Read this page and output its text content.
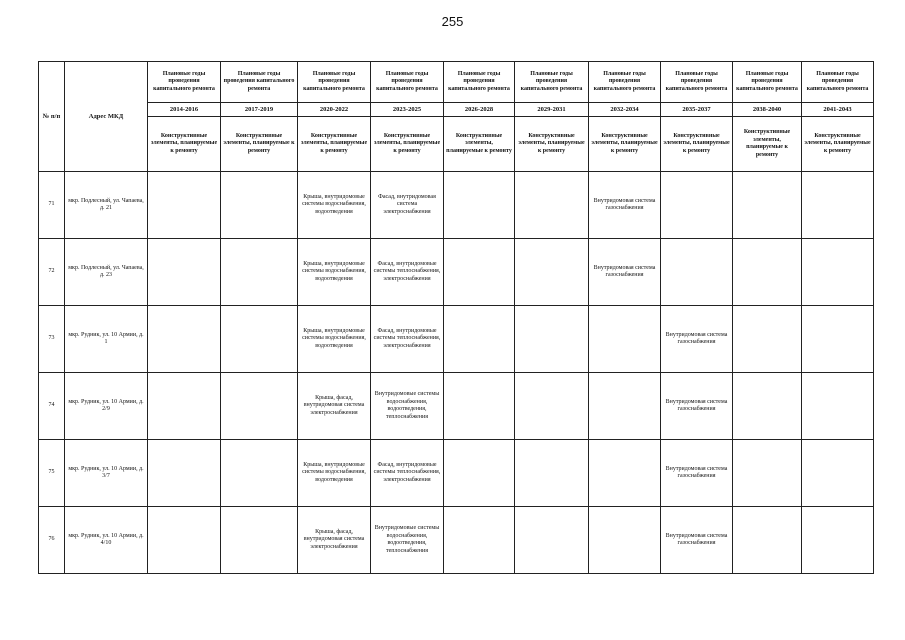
255
№ п/п	Адрес МКД	Плановые годы проведения капитального ремонта	Плановые годы проведения капитального ремонта	Плановые годы проведения капитального ремонта	Плановые годы проведения капитального ремонта	Плановые годы проведения капитального ремонта	Плановые годы проведения капитального ремонта	Плановые годы проведения капитального ремонта	Плановые годы проведения капитального ремонта	Плановые годы проведения капитального ремонта	Плановые годы проведения капитального ремонта
		2014-2016	2017-2019	2020-2022	2023-2025	2026-2028	2029-2031	2032-2034	2035-2037	2038-2040	2041-2043
		Конструктивные элементы, планируемые к ремонту	Конструктивные элементы, планируемые к ремонту	Конструктивные элементы, планируемые к ремонту	Конструктивные элементы, планируемые к ремонту	Конструктивные элементы, планируемые к ремонту	Конструктивные элементы, планируемые к ремонту	Конструктивные элементы, планируемые к ремонту	Конструктивные элементы, планируемые к ремонту	Конструктивные элементы, планируемые к ремонту	Конструктивные элементы, планируемые к ремонту
71	мкр. Подлесный, ул. Чапаева, д. 21			Крыша, внутридомовые системы водоснабжения, водоотведения	Фасад, внутридомовая система электроснабжения			Внутридомовая система газоснабжения			
72	мкр. Подлесный, ул. Чапаева, д. 23			Крыша, внутридомовые системы водоснабжения, водоотведения	Фасад, внутридомовые системы теплоснабжения, электроснабжения			Внутридомовая система газоснабжения			
73	мкр. Рудник, ул. 10 Армии, д. 1			Крыша, внутридомовые системы водоснабжения, водоотведения	Фасад, внутридомовые системы теплоснабжения, электроснабжения				Внутридомовая система газоснабжения		
74	мкр. Рудник, ул. 10 Армии, д. 2/9			Крыша, фасад, внутридомовая система электроснабжения	Внутридомовые системы водоснабжения, водоотведения, теплоснабжения				Внутридомовая система газоснабжения		
75	мкр. Рудник, ул. 10 Армии, д. 3/7			Крыша, внутридомовые системы водоснабжения, водоотведения	Фасад, внутридомовые системы теплоснабжения, электроснабжения				Внутридомовая система газоснабжения		
76	мкр. Рудник, ул. 10 Армии, д. 4/10			Крыша, фасад, внутридомовая система электроснабжения	Внутридомовые системы водоснабжения, водоотведения, теплоснабжения				Внутридомовая система газоснабжения		
